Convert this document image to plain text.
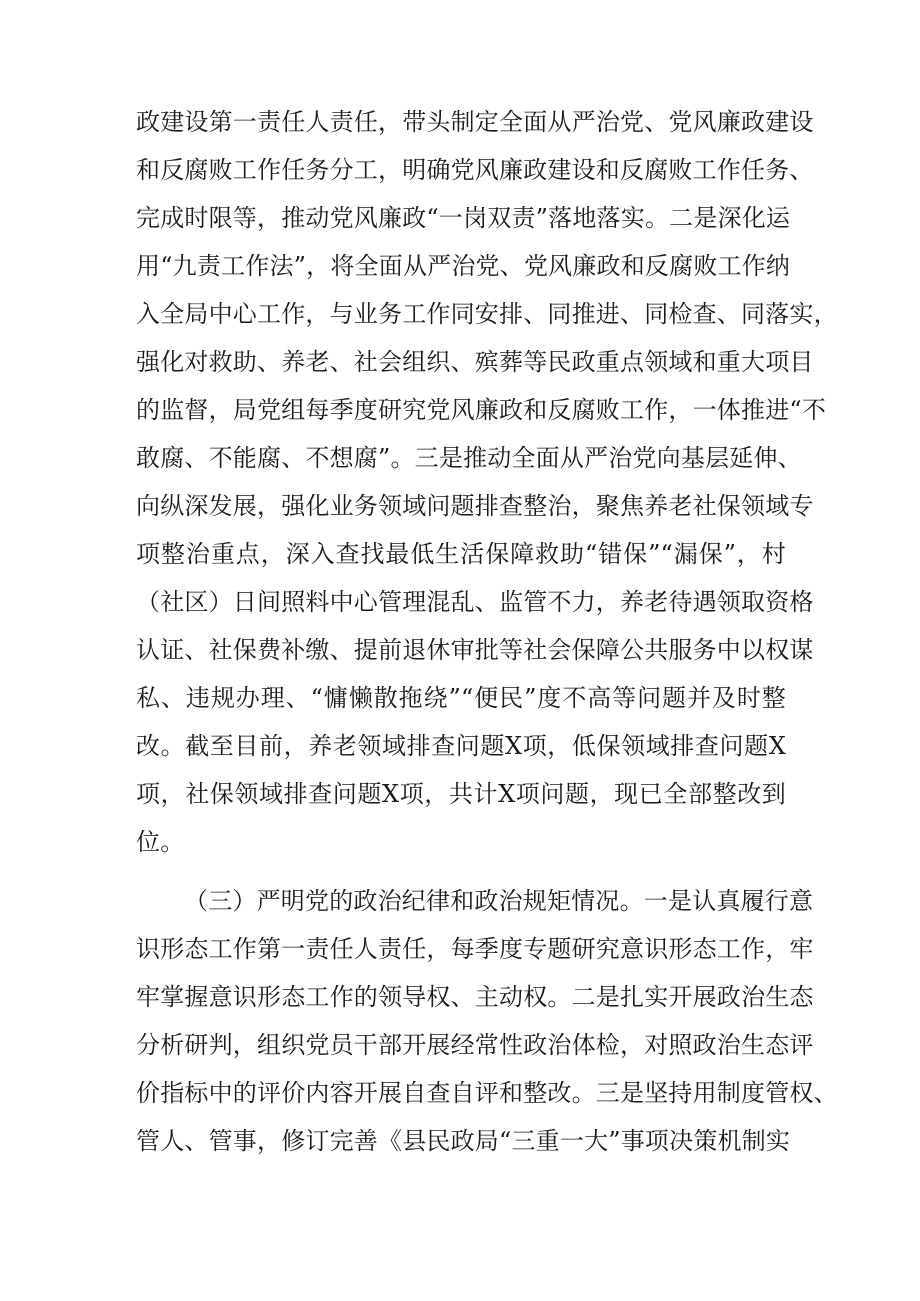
政建设第一责任人责任，带头制定全面从严治党、党风廉政建设
和反腐败工作任务分工，明确党风廉政建设和反腐败工作任务、
完成时限等，推动党风廉政“一岗双责”落地落实。二是深化运
用“九责工作法”，将全面从严治党、党风廉政和反腐败工作纳
入全局中心工作，与业务工作同安排、同推进、同检查、同落实，
强化对救助、养老、社会组织、殡葬等民政重点领域和重大项目
的监督，局党组每季度研究党风廉政和反腐败工作，一体推进“不
敢腐、不能腐、不想腐”。三是推动全面从严治党向基层延伸、
向纵深发展，强化业务领域问题排查整治，聚焦养老社保领域专
项整治重点，深入查找最低生活保障救助“错保”“漏保”，村
（社区）日间照料中心管理混乱、监管不力，养老待遇领取资格
认证、社保费补缴、提前退休审批等社会保障公共服务中以权谋
私、违规办理、“慵懒散拖绕”“便民”度不高等问题并及时整
改。截至目前，养老领域排查问题X项，低保领域排查问题X
项，社保领域排查问题X项，共计X项问题，现已全部整改到
位。
（三）严明党的政治纪律和政治规矩情况。一是认真履行意
识形态工作第一责任人责任，每季度专题研究意识形态工作，牢
牢掌握意识形态工作的领导权、主动权。二是扎实开展政治生态
分析研判，组织党员干部开展经常性政治体检，对照政治生态评
价指标中的评价内容开展自查自评和整改。三是坚持用制度管权、
管人、管事，修订完善《县民政局“三重一大”事项决策机制实
